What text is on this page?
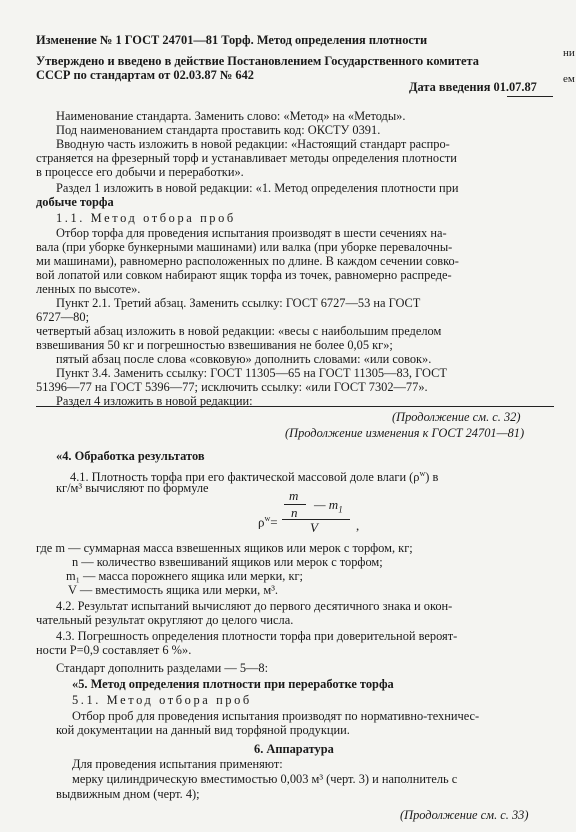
Изменение № 1 ГОСТ 24701—81 Торф. Метод определения плотности
Утверждено и введено в действие Постановлением Государственного комитета
СССР по стандартам от 02.03.87 № 642
Дата введения 01.07.87
ни
ем
Наименование стандарта. Заменить слово: «Метод» на «Методы».
Под наименованием стандарта проставить код: ОКСТУ 0391.
Вводную часть изложить в новой редакции: «Настоящий стандарт распро-
страняется на фрезерный торф и устанавливает методы определения плотности
в процессе его добычи и переработки».
Раздел 1 изложить в новой редакции: «1. Метод определения плотности при
добыче торфа
1.1. Метод отбора проб
Отбор торфа для проведения испытания производят в шести сечениях на-
вала (при уборке бункерными машинами) или валка (при уборке перевалочны-
ми машинами), равномерно расположенных по длине. В каждом сечении совко-
вой лопатой или совком набирают ящик торфа из точек, равномерно распреде-
ленных по высоте».
Пункт 2.1. Третий абзац. Заменить ссылку: ГОСТ 6727—53 на ГОСТ
6727—80;
четвертый абзац изложить в новой редакции: «весы с наибольшим пределом
взвешивания 50 кг и погрешностью взвешивания не более 0,05 кг»;
пятый абзац после слова «совковую» дополнить словами: «или совок».
Пункт 3.4. Заменить ссылку: ГОСТ 11305—65 на ГОСТ 11305—83, ГОСТ
51396—77 на ГОСТ 5396—77; исключить ссылку: «или ГОСТ 7302—77».
Раздел 4 изложить в новой редакции:
(Продолжение см. с. 32)
(Продолжение изменения к ГОСТ 24701—81)
«4. Обработка результатов
4.1. Плотность торфа при его фактической массовой доле влаги $(\rho^w)$ в
кг/м³ вычисляют по формуле
$\rho^w=$
m
n
— $m_1$
V	,
где m — суммарная масса взвешенных ящиков или мерок с торфом, кг;
n — количество взвешиваний ящиков или мерок с торфом;
m₁ — масса порожнего ящика или мерки, кг;
V — вместимость ящика или мерки, м³.
4.2. Результат испытаний вычисляют до первого десятичного знака и окон-
чательный результат округляют до целого числа.
4.3. Погрешность определения плотности торфа при доверительной вероят-
ности P=0,9 составляет 6 %».
Стандарт дополнить разделами — 5—8:
«5. Метод определения плотности при переработке торфа
5.1. Метод отбора проб
Отбор проб для проведения испытания производят по нормативно-техничес-
кой документации на данный вид торфяной продукции.
6. Аппаратура
Для проведения испытания применяют:
мерку цилиндрическую вместимостью 0,003 м³ (черт. 3) и наполнитель с
выдвижным дном (черт. 4);
(Продолжение см. с. 33)
